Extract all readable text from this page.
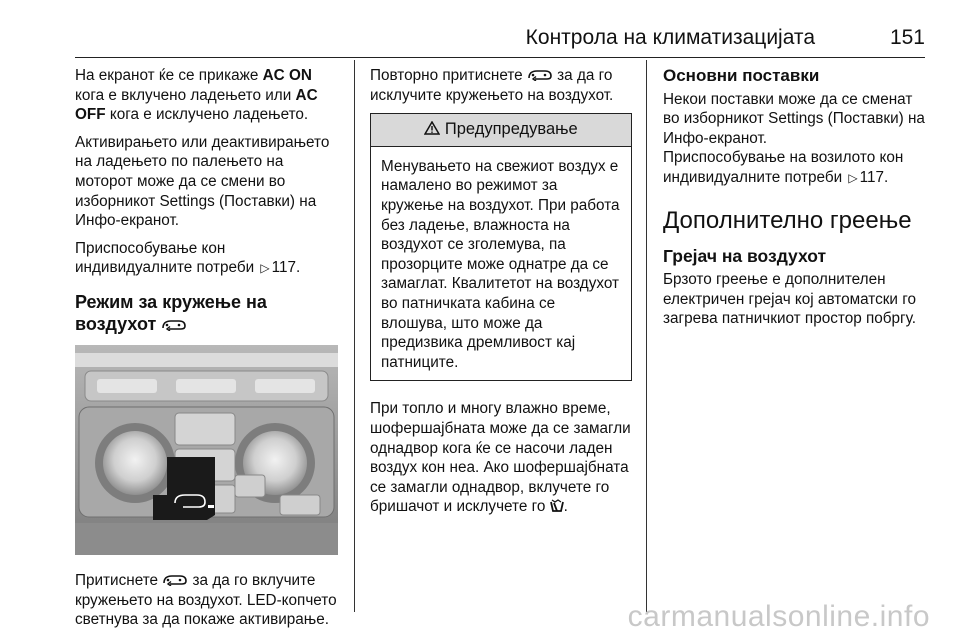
Контрола на климатизацијата	151

На екранот ќе се прикаже AC ON кога е вклучено ладењето или AC OFF кога е исклучено ладењето.

Активирањето или деактивирањето на ладењето по палењето на моторот може да се смени во изборникот Settings (Поставки) на Инфо-екранот.

Приспособување кон
индивидуалните потреби ▷ 117.

Режим за кружење на воздухот

Притиснете за да го вклучите кружењето на воздухот. LED-копчето светнува за да покаже активирање.

Повторно притиснете за да го исклучите кружењето на воздухот.

Предупредување
Менувањето на свежиот воздух е намалено во режимот за кружење на воздухот. При работа без ладење, влажноста на воздухот се зголемува, па прозорците може однатре да се замаглат. Квалитетот на воздухот во патничката кабина се влошува, што може да предизвика дремливост кај патниците.

При топло и многу влажно време, шофершајбната може да се замагли однадвор кога ќе се насочи ладен воздух кон неа. Ако шофершајбната се замагли однадвор, вклучете го бришачот и исклучете го .

Основни поставки

Некои поставки може да се сменат во изборникот Settings (Поставки) на Инфо-екранот.
Приспособување на возилото кон индивидуалните потреби ▷ 117.

Дополнително греење
Грејач на воздухот

Брзото греење е дополнителен електричен грејач кој автоматски го загрева патничкиот простор побргу.

carmanualsonline.info
